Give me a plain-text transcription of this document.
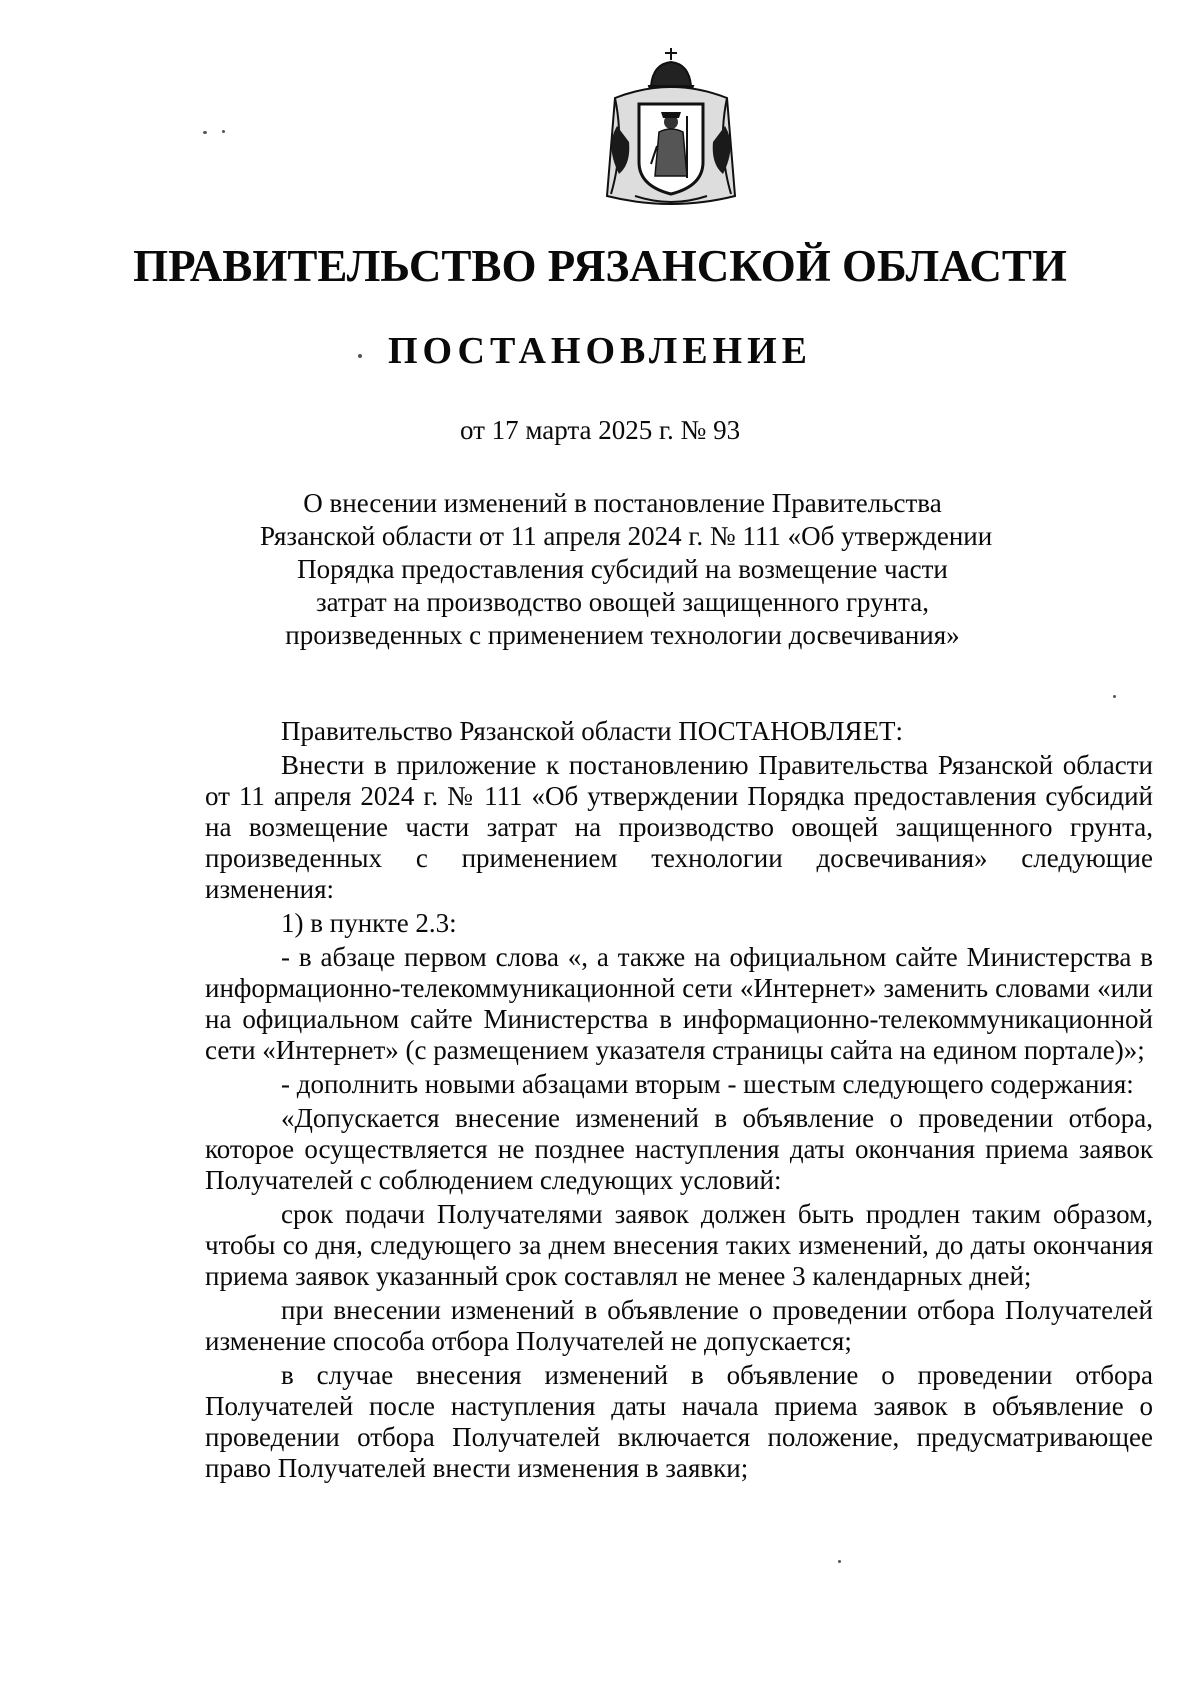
ПРАВИТЕЛЬСТВО РЯЗАНСКОЙ ОБЛАСТИ
ПОСТАНОВЛЕНИЕ

от 17 марта 2025 г. № 93

О внесении изменений в постановление Правительства
Рязанской области от 11 апреля 2024 г. № 111 «Об утверждении
Порядка предоставления субсидий на возмещение части
затрат на производство овощей защищенного грунта,
произведенных с применением технологии досвечивания»

Правительство Рязанской области ПОСТАНОВЛЯЕТ:

Внести в приложение к постановлению Правительства Рязанской области от 11 апреля 2024 г. № 111 «Об утверждении Порядка предоставления субсидий на возмещение части затрат на производство овощей защищенного грунта, произведенных с применением технологии досвечивания» следующие изменения:

1) в пункте 2.3:

- в абзаце первом слова «, а также на официальном сайте Министерства в информационно-телекоммуникационной сети «Интернет» заменить словами «или на официальном сайте Министерства в информационно-телекоммуникационной сети «Интернет» (с размещением указателя страницы сайта на едином портале)»;

- дополнить новыми абзацами вторым - шестым следующего содержания:

«Допускается внесение изменений в объявление о проведении отбора, которое осуществляется не позднее наступления даты окончания приема заявок Получателей с соблюдением следующих условий:

срок подачи Получателями заявок должен быть продлен таким образом, чтобы со дня, следующего за днем внесения таких изменений, до даты окончания приема заявок указанный срок составлял не менее 3 календарных дней;

при внесении изменений в объявление о проведении отбора Получателей изменение способа отбора Получателей не допускается;

в случае внесения изменений в объявление о проведении отбора Получателей после наступления даты начала приема заявок в объявление о проведении отбора Получателей включается положение, предусматривающее право Получателей внести изменения в заявки;
